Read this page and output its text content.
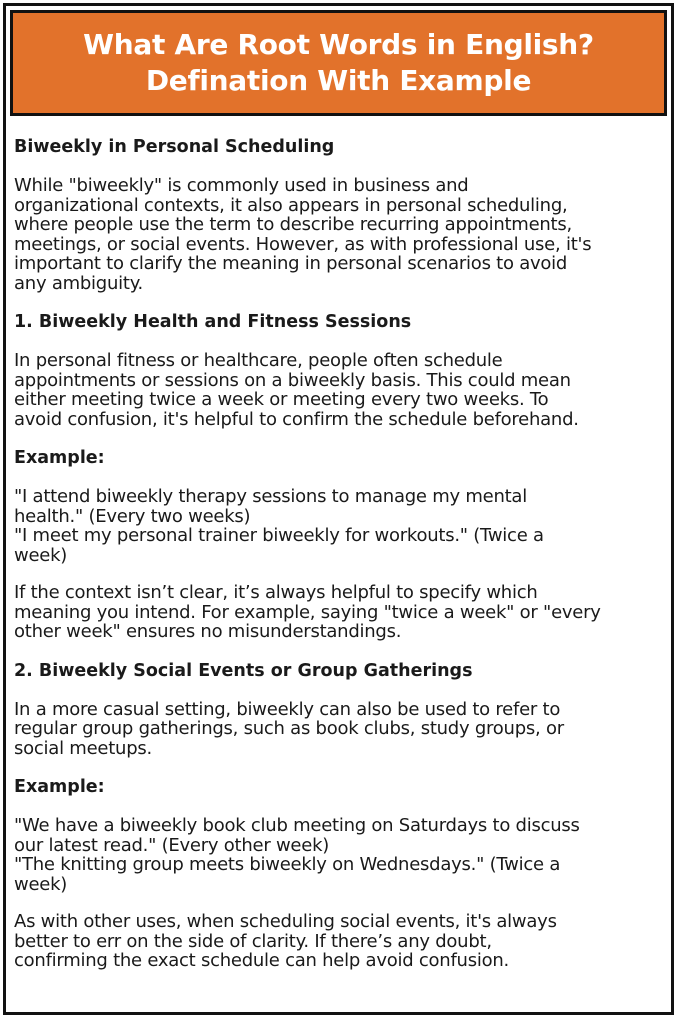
What Are Root Words in English?
Defination With Example
Biweekly in Personal Scheduling
While "biweekly" is commonly used in business and
organizational contexts, it also appears in personal scheduling,
where people use the term to describe recurring appointments,
meetings, or social events. However, as with professional use, it's
important to clarify the meaning in personal scenarios to avoid
any ambiguity.
1. Biweekly Health and Fitness Sessions
In personal fitness or healthcare, people often schedule
appointments or sessions on a biweekly basis. This could mean
either meeting twice a week or meeting every two weeks. To
avoid confusion, it's helpful to confirm the schedule beforehand.
Example:
"I attend biweekly therapy sessions to manage my mental
health." (Every two weeks)
"I meet my personal trainer biweekly for workouts." (Twice a
week)
If the context isn’t clear, it’s always helpful to specify which
meaning you intend. For example, saying "twice a week" or "every
other week" ensures no misunderstandings.
2. Biweekly Social Events or Group Gatherings
In a more casual setting, biweekly can also be used to refer to
regular group gatherings, such as book clubs, study groups, or
social meetups.
Example:
"We have a biweekly book club meeting on Saturdays to discuss
our latest read." (Every other week)
"The knitting group meets biweekly on Wednesdays." (Twice a
week)
As with other uses, when scheduling social events, it's always
better to err on the side of clarity. If there’s any doubt,
confirming the exact schedule can help avoid confusion.
